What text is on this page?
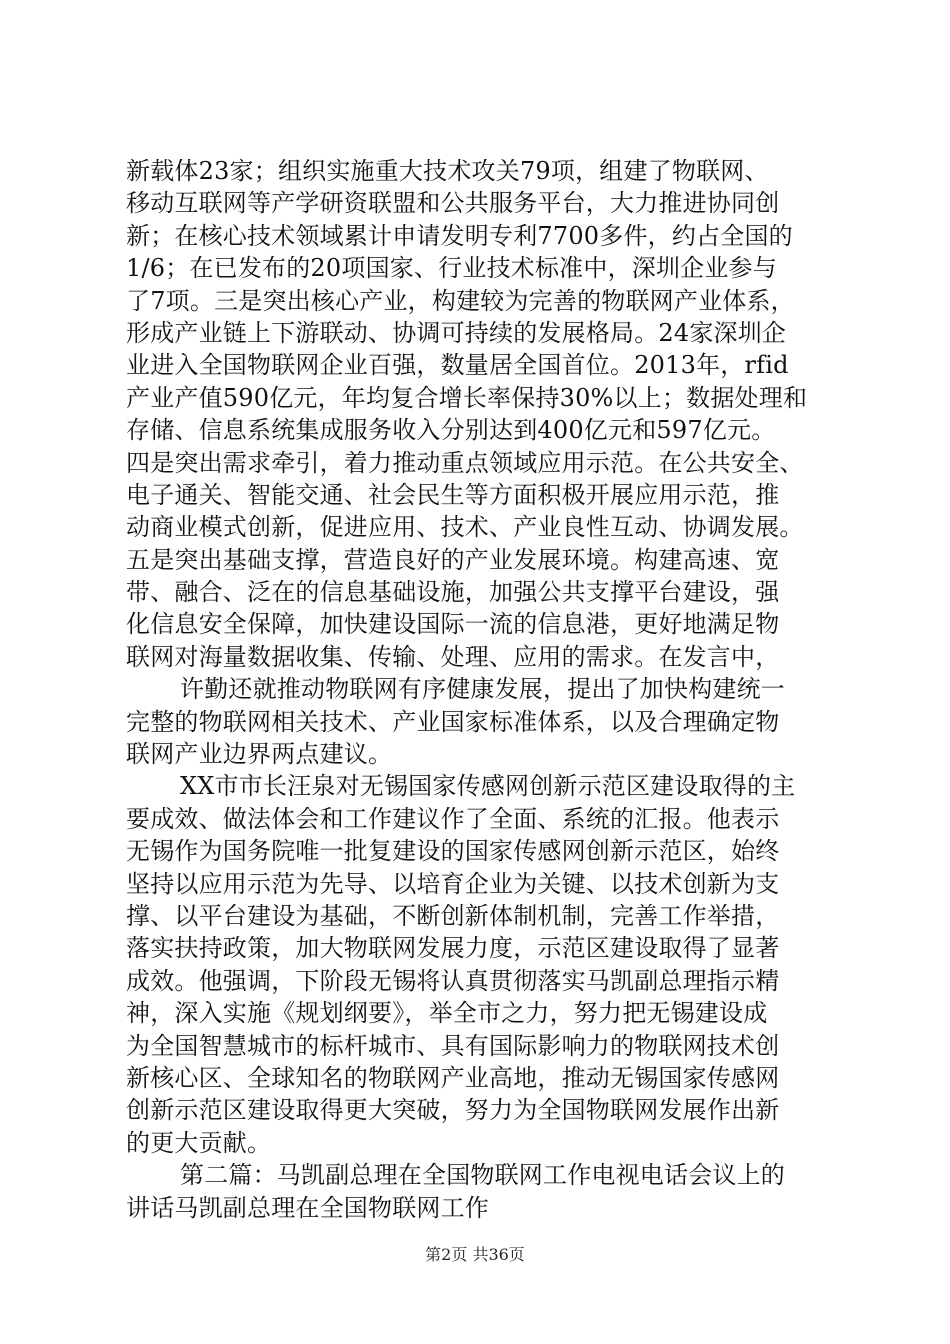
新载体23家；组织实施重大技术攻关79项，组建了物联网、
移动互联网等产学研资联盟和公共服务平台，大力推进协同创
新；在核心技术领域累计申请发明专利7700多件，约占全国的
1/6；在已发布的20项国家、行业技术标准中，深圳企业参与
了7项。三是突出核心产业，构建较为完善的物联网产业体系，
形成产业链上下游联动、协调可持续的发展格局。24家深圳企
业进入全国物联网企业百强，数量居全国首位。2013年，rfid
产业产值590亿元，年均复合增长率保持30%以上；数据处理和
存储、信息系统集成服务收入分别达到400亿元和597亿元。
四是突出需求牵引，着力推动重点领域应用示范。在公共安全、
电子通关、智能交通、社会民生等方面积极开展应用示范，推
动商业模式创新，促进应用、技术、产业良性互动、协调发展。
五是突出基础支撑，营造良好的产业发展环境。构建高速、宽
带、融合、泛在的信息基础设施，加强公共支撑平台建设，强
化信息安全保障，加快建设国际一流的信息港，更好地满足物
联网对海量数据收集、传输、处理、应用的需求。在发言中，
许勤还就推动物联网有序健康发展，提出了加快构建统一
完整的物联网相关技术、产业国家标准体系，以及合理确定物
联网产业边界两点建议。
XX市市长汪泉对无锡国家传感网创新示范区建设取得的主
要成效、做法体会和工作建议作了全面、系统的汇报。他表示
无锡作为国务院唯一批复建设的国家传感网创新示范区，始终
坚持以应用示范为先导、以培育企业为关键、以技术创新为支
撑、以平台建设为基础，不断创新体制机制，完善工作举措，
落实扶持政策，加大物联网发展力度，示范区建设取得了显著
成效。他强调，下阶段无锡将认真贯彻落实马凯副总理指示精
神，深入实施《规划纲要》，举全市之力，努力把无锡建设成
为全国智慧城市的标杆城市、具有国际影响力的物联网技术创
新核心区、全球知名的物联网产业高地，推动无锡国家传感网
创新示范区建设取得更大突破，努力为全国物联网发展作出新
的更大贡献。
第二篇：马凯副总理在全国物联网工作电视电话会议上的
讲话马凯副总理在全国物联网工作
第2页 共36页
